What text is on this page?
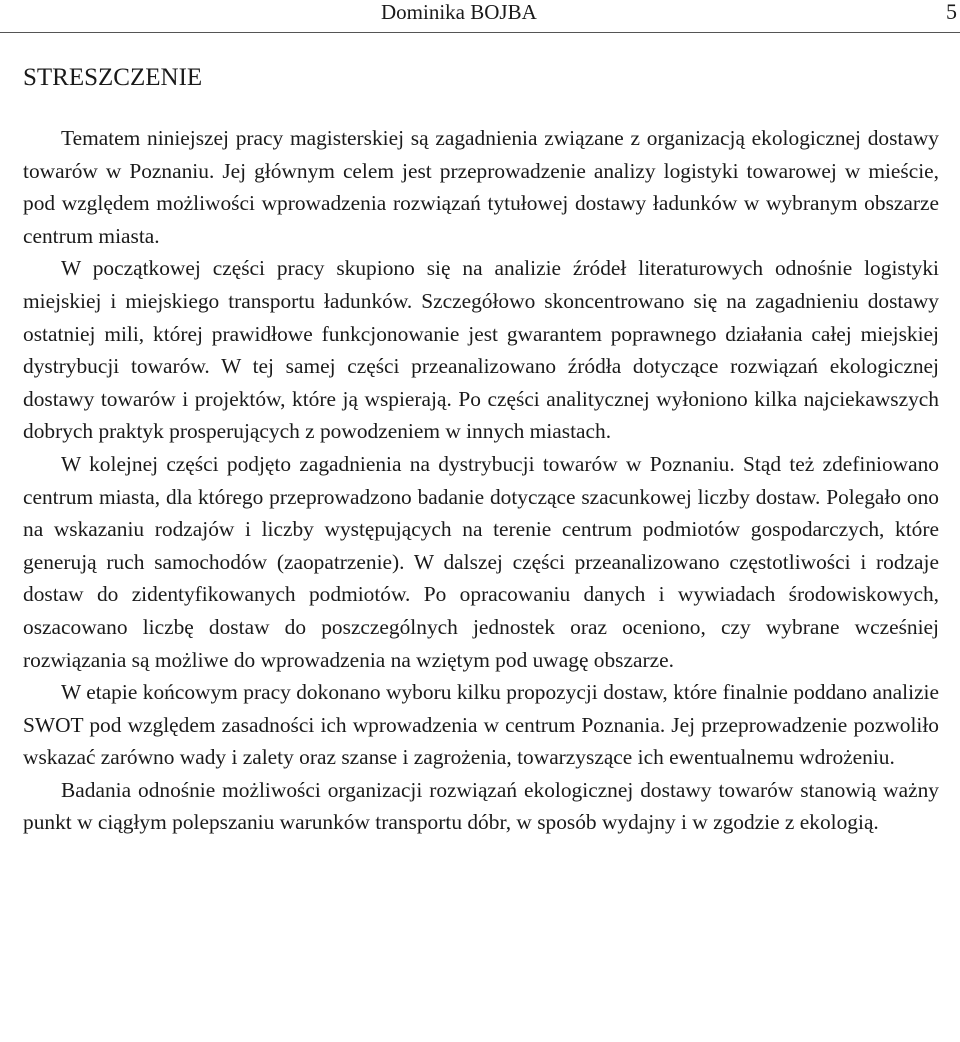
Dominika BOJBA	5
STRESZCZENIE

Tematem niniejszej pracy magisterskiej są zagadnienia związane z organizacją ekologicznej dostawy towarów w Poznaniu. Jej głównym celem jest przeprowadzenie analizy logistyki towarowej w mieście, pod względem możliwości wprowadzenia rozwiązań tytułowej dostawy ładunków w wybranym obszarze centrum miasta.

W początkowej części pracy skupiono się na analizie źródeł literaturowych odnośnie logistyki miejskiej i miejskiego transportu ładunków. Szczegółowo skoncentrowano się na zagadnieniu dostawy ostatniej mili, której prawidłowe funkcjonowanie jest gwarantem poprawnego działania całej miejskiej dystrybucji towarów. W tej samej części przeanalizowano źródła dotyczące rozwiązań ekologicznej dostawy towarów i projektów, które ją wspierają. Po części analitycznej wyłoniono kilka najciekawszych dobrych praktyk prosperujących z powodzeniem w innych miastach.

W kolejnej części podjęto zagadnienia na dystrybucji towarów w Poznaniu. Stąd też zdefiniowano centrum miasta, dla którego przeprowadzono badanie dotyczące szacunkowej liczby dostaw. Polegało ono na wskazaniu rodzajów i liczby występujących na terenie centrum podmiotów gospodarczych, które generują ruch samochodów (zaopatrzenie). W dalszej części przeanalizowano częstotliwości i rodzaje dostaw do zidentyfikowanych podmiotów. Po opracowaniu danych i wywiadach środowiskowych, oszacowano liczbę dostaw do poszczególnych jednostek oraz oceniono, czy wybrane wcześniej rozwiązania są możliwe do wprowadzenia na wziętym pod uwagę obszarze.

W etapie końcowym pracy dokonano wyboru kilku propozycji dostaw, które finalnie poddano analizie SWOT pod względem zasadności ich wprowadzenia w centrum Poznania. Jej przeprowadzenie pozwoliło wskazać zarówno wady i zalety oraz szanse i zagrożenia, towarzyszące ich ewentualnemu wdrożeniu.

Badania odnośnie możliwości organizacji rozwiązań ekologicznej dostawy towarów stanowią ważny punkt w ciągłym polepszaniu warunków transportu dóbr, w sposób wydajny i w zgodzie z ekologią.
